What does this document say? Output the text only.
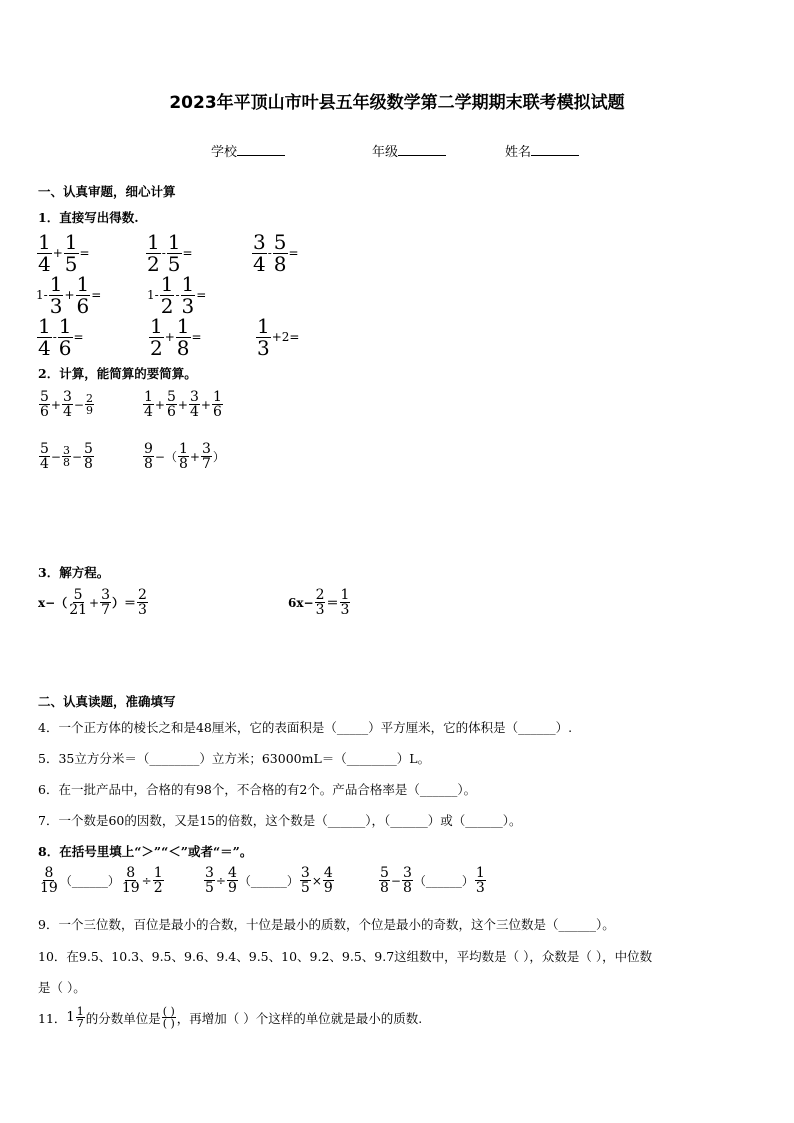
2023年平顶山市叶县五年级数学第二学期期末联考模拟试题
学校	年级	姓名
一、认真审题，细心计算
1．直接写出得数.
$\frac{1}{4} + \frac{1}{5}$ =	$\frac{1}{2} - \frac{1}{5}$ =	$\frac{3}{4} - \frac{5}{8}$ =
$1- \frac{1}{3} + \frac{1}{6}$ =	$1- \frac{1}{2} - \frac{1}{3}$ =
$\frac{1}{4} - \frac{1}{6}$ =	$\frac{1}{2} + \frac{1}{8}$ =	$\frac{1}{3} +2=$
2．计算，能简算的要简算。
$\frac{5}{6} + \frac{3}{4} - \frac{2}{9}$	$\frac{1}{4} + \frac{5}{6} + \frac{3}{4} + \frac{1}{6}$
$\frac{5}{4} - \frac{3}{8} - \frac{5}{8}$	$\frac{9}{8}$ −（ $\frac{1}{8} + \frac{3}{7}$ ）
3．解方程。
$x-( \frac{5}{21} + \frac{3}{7}$ ）＝ $\frac{2}{3}$	$6x- \frac{2}{3} = \frac{1}{3}$
二、认真读题，准确填写
4．一个正方体的棱长之和是48厘米，它的表面积是（_____）平方厘米，它的体积是（______）.
5．35立方分米＝（________）立方米；63000mL＝（________）L。
6．在一批产品中，合格的有98个，不合格的有2个。产品合格率是（______）。
7．一个数是60的因数，又是15的倍数，这个数是（______），（______）或（______）。
8．在括号里填上“＞”“＜”或者“＝”。
$\frac{8}{19}$ （______） $\frac{8}{19} \div \frac{1}{2}$	$\frac{3}{5} \div \frac{4}{9}$ （______） $\frac{3}{5} \times \frac{4}{9}$	$\frac{5}{8} - \frac{3}{8}$ （______） $\frac{1}{3}$
9．一个三位数，百位是最小的合数，十位是最小的质数，个位是最小的奇数，这个三位数是（______）。
10．在9.5、10.3、9.5、9.6、9.4、9.5、10、9.2、9.5、9.7这组数中，平均数是（ ），众数是（ ），中位数
是（ ）。
11． $1 \frac{1}{7}$ 的分数单位是 $\frac{( )}{( )}$ ，再增加（ ）个这样的单位就是最小的质数.
